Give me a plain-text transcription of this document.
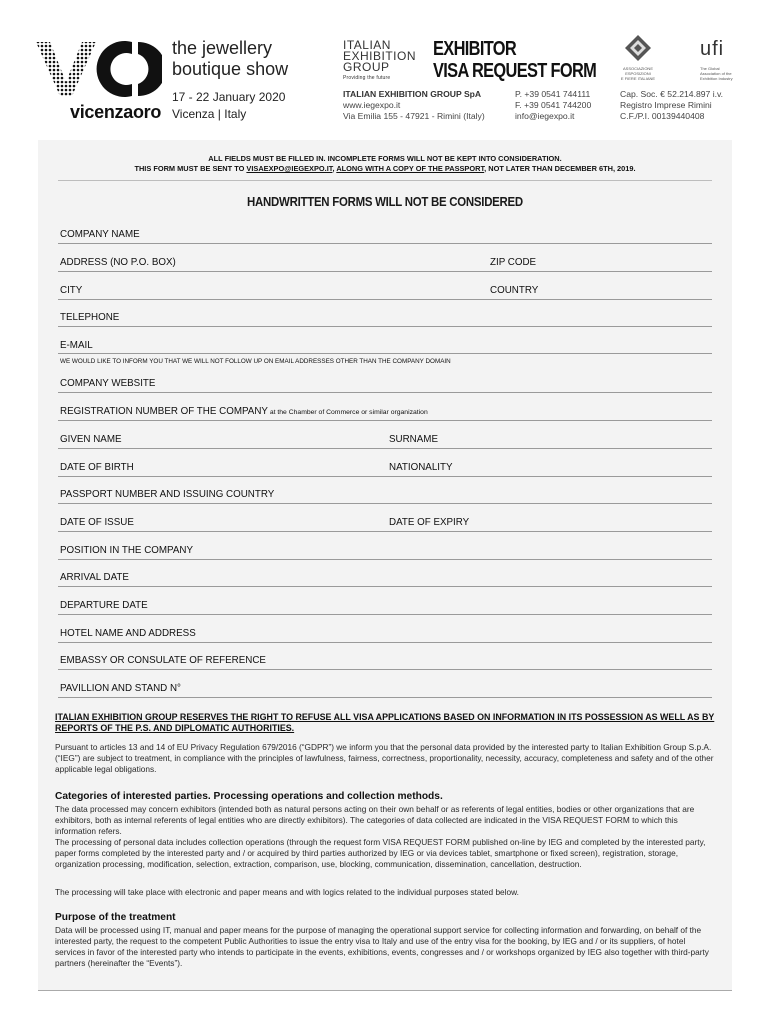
vicenzaoro
the jewellery
boutique show
17 - 22 January 2020
Vicenza | Italy
ITALIAN
EXHIBITION
GROUP
Providing the future
EXHIBITOR
VISA REQUEST FORM
ITALIAN EXHIBITION GROUP SpA
www.iegexpo.it
Via Emilia 155 - 47921 - Rimini (Italy)
P. +39 0541 744111
F. +39 0541 744200
info@iegexpo.it
Cap. Soc. € 52.214.897 i.v.
Registro Imprese Rimini
C.F./P.I. 00139440408
ASSOCIAZIONE
ESPOSIZIONI
E FIERE ITALIANE
ufi
The Global
Association of the
Exhibition Industry
ALL FIELDS MUST BE FILLED IN. INCOMPLETE FORMS WILL NOT BE KEPT INTO CONSIDERATION.
THIS FORM MUST BE SENT TO VISAEXPO@IEGEXPO.IT, ALONG WITH A COPY OF THE PASSPORT, NOT LATER THAN DECEMBER 6TH, 2019.
HANDWRITTEN FORMS WILL NOT BE CONSIDERED
COMPANY NAME
ADDRESS (NO P.O. BOX)	ZIP CODE
CITY	COUNTRY
TELEPHONE
E-MAIL
WE WOULD LIKE TO INFORM YOU THAT WE WILL NOT FOLLOW UP ON EMAIL ADDRESSES OTHER THAN THE COMPANY DOMAIN
COMPANY WEBSITE
REGISTRATION NUMBER OF THE COMPANY at the Chamber of Commerce or similar organization
GIVEN NAME	SURNAME
DATE OF BIRTH	NATIONALITY
PASSPORT NUMBER AND ISSUING COUNTRY
DATE OF ISSUE	DATE OF EXPIRY
POSITION IN THE COMPANY
ARRIVAL DATE
DEPARTURE DATE
HOTEL NAME AND ADDRESS
EMBASSY OR CONSULATE OF REFERENCE
PAVILLION AND STAND N°
ITALIAN EXHIBITION GROUP RESERVES THE RIGHT TO REFUSE ALL VISA APPLICATIONS BASED ON INFORMATION IN ITS POSSESSION AS WELL AS BY REPORTS OF THE P.S. AND DIPLOMATIC AUTHORITIES.
Pursuant to articles 13 and 14 of EU Privacy Regulation 679/2016 (“GDPR”) we inform you that the personal data provided by the interested party to Italian Exhibition Group S.p.A. (“IEG”) are subject to treatment, in compliance with the principles of lawfulness, fairness, correctness, proportionality, necessity, accuracy, completeness and safety and of the other applicable legal obligations.
Categories of interested parties. Processing operations and collection methods.
The data processed may concern exhibitors (intended both as natural persons acting on their own behalf or as referents of legal entities, bodies or other organizations that are exhibitors, both as internal referents of legal entities who are directly exhibitors). The categories of data collected are indicated in the VISA REQUEST FORM to which this information refers.
The processing of personal data includes collection operations (through the request form VISA REQUEST FORM published on-line by IEG and completed by the interested party, paper forms completed by the interested party and / or acquired by third parties authorized by IEG or via devices tablet, smartphone or fixed screen), registration, storage, organization processing, modification, selection, extraction, comparison, use, blocking, communication, dissemination, cancellation, destruction.
The processing will take place with electronic and paper means and with logics related to the individual purposes stated below.
Purpose of the treatment
Data will be processed using IT, manual and paper means for the purpose of managing the operational support service for collecting information and forwarding, on behalf of the interested party, the request to the competent Public Authorities to issue the entry visa to Italy and use of the entry visa for the booking, by IEG and / or its suppliers, of hotel services in favor of the interested party who intends to participate in the events, exhibitions, events, congresses and / or workshops organized by IEG also together with third-party partners (hereinafter the “Events”).
